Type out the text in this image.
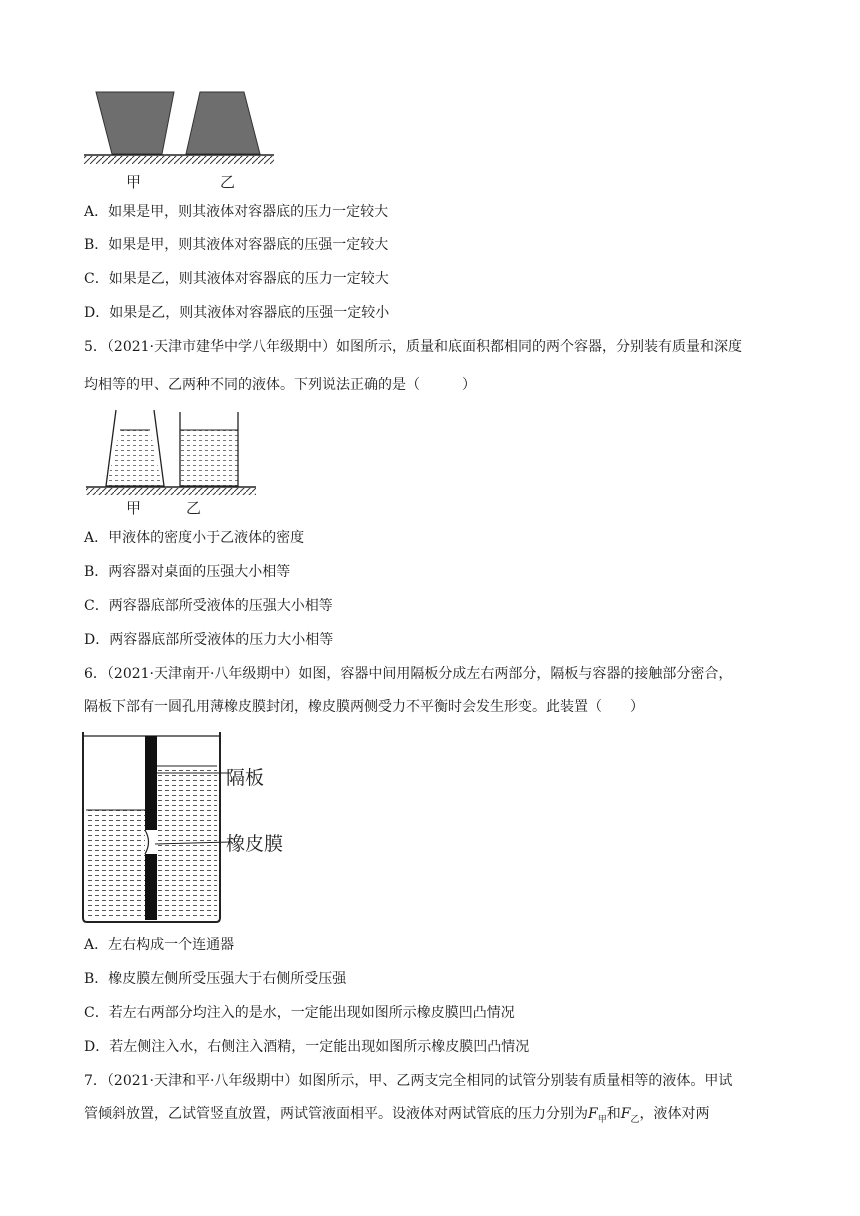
甲	乙
A．如果是甲，则其液体对容器底的压力一定较大
B．如果是甲，则其液体对容器底的压强一定较大
C．如果是乙，则其液体对容器底的压力一定较大
D．如果是乙，则其液体对容器底的压强一定较小
5．（2021·天津市建华中学八年级期中）如图所示，质量和底面积都相同的两个容器，分别装有质量和深度
均相等的甲、乙两种不同的液体。下列说法正确的是（　　　）
甲	乙
A．甲液体的密度小于乙液体的密度
B．两容器对桌面的压强大小相等
C．两容器底部所受液体的压强大小相等
D．两容器底部所受液体的压力大小相等
6．（2021·天津南开·八年级期中）如图，容器中间用隔板分成左右两部分，隔板与容器的接触部分密合，
隔板下部有一圆孔用薄橡皮膜封闭，橡皮膜两侧受力不平衡时会发生形变。此装置（　　）
隔板
橡皮膜
A．左右构成一个连通器
B．橡皮膜左侧所受压强大于右侧所受压强
C．若左右两部分均注入的是水，一定能出现如图所示橡皮膜凹凸情况
D．若左侧注入水，右侧注入酒精，一定能出现如图所示橡皮膜凹凸情况
7．（2021·天津和平·八年级期中）如图所示，甲、乙两支完全相同的试管分别装有质量相等的液体。甲试
管倾斜放置，乙试管竖直放置，两试管液面相平。设液体对两试管底的压力分别为$F_甲$和$F_乙$，液体对两
